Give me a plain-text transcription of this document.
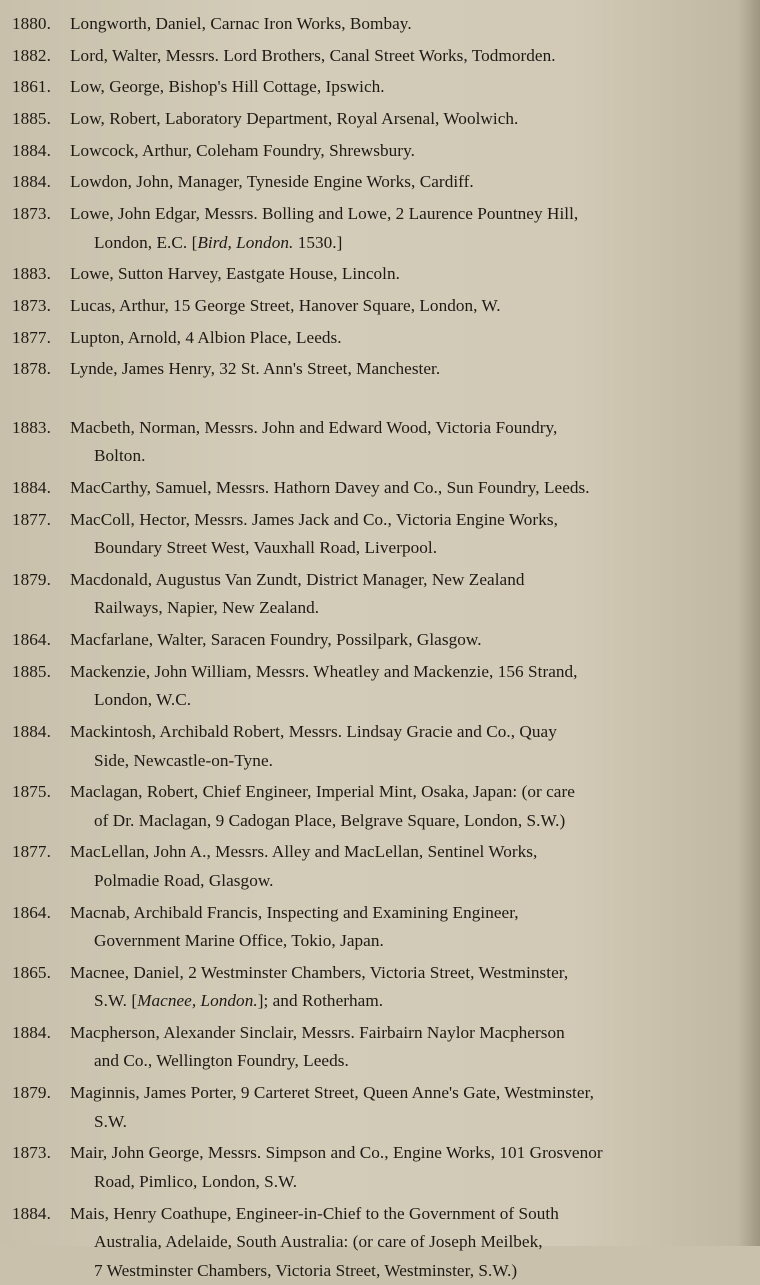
1880. Longworth, Daniel, Carnac Iron Works, Bombay.

1882. Lord, Walter, Messrs. Lord Brothers, Canal Street Works, Todmorden.

1861. Low, George, Bishop's Hill Cottage, Ipswich.

1885. Low, Robert, Laboratory Department, Royal Arsenal, Woolwich.

1884. Lowcock, Arthur, Coleham Foundry, Shrewsbury.

1884. Lowdon, John, Manager, Tyneside Engine Works, Cardiff.

1873. Lowe, John Edgar, Messrs. Bolling and Lowe, 2 Laurence Pountney Hill,
London, E.C. [Bird, London. 1530.]

1883. Lowe, Sutton Harvey, Eastgate House, Lincoln.

1873. Lucas, Arthur, 15 George Street, Hanover Square, London, W.

1877. Lupton, Arnold, 4 Albion Place, Leeds.

1878. Lynde, James Henry, 32 St. Ann's Street, Manchester.

1883. Macbeth, Norman, Messrs. John and Edward Wood, Victoria Foundry,
Bolton.

1884. MacCarthy, Samuel, Messrs. Hathorn Davey and Co., Sun Foundry, Leeds.

1877. MacColl, Hector, Messrs. James Jack and Co., Victoria Engine Works,
Boundary Street West, Vauxhall Road, Liverpool.

1879. Macdonald, Augustus Van Zundt, District Manager, New Zealand
Railways, Napier, New Zealand.

1864. Macfarlane, Walter, Saracen Foundry, Possilpark, Glasgow.

1885. Mackenzie, John William, Messrs. Wheatley and Mackenzie, 156 Strand,
London, W.C.

1884. Mackintosh, Archibald Robert, Messrs. Lindsay Gracie and Co., Quay
Side, Newcastle-on-Tyne.

1875. Maclagan, Robert, Chief Engineer, Imperial Mint, Osaka, Japan: (or care
of Dr. Maclagan, 9 Cadogan Place, Belgrave Square, London, S.W.)

1877. MacLellan, John A., Messrs. Alley and MacLellan, Sentinel Works,
Polmadie Road, Glasgow.

1864. Macnab, Archibald Francis, Inspecting and Examining Engineer,
Government Marine Office, Tokio, Japan.

1865. Macnee, Daniel, 2 Westminster Chambers, Victoria Street, Westminster,
S.W. [Macnee, London.]; and Rotherham.

1884. Macpherson, Alexander Sinclair, Messrs. Fairbairn Naylor Macpherson
and Co., Wellington Foundry, Leeds.

1879. Maginnis, James Porter, 9 Carteret Street, Queen Anne's Gate, Westminster,
S.W.

1873. Mair, John George, Messrs. Simpson and Co., Engine Works, 101 Grosvenor
Road, Pimlico, London, S.W.

1884. Mais, Henry Coathupe, Engineer-in-Chief to the Government of South
Australia, Adelaide, South Australia: (or care of Joseph Meilbek,
7 Westminster Chambers, Victoria Street, Westminster, S.W.)
